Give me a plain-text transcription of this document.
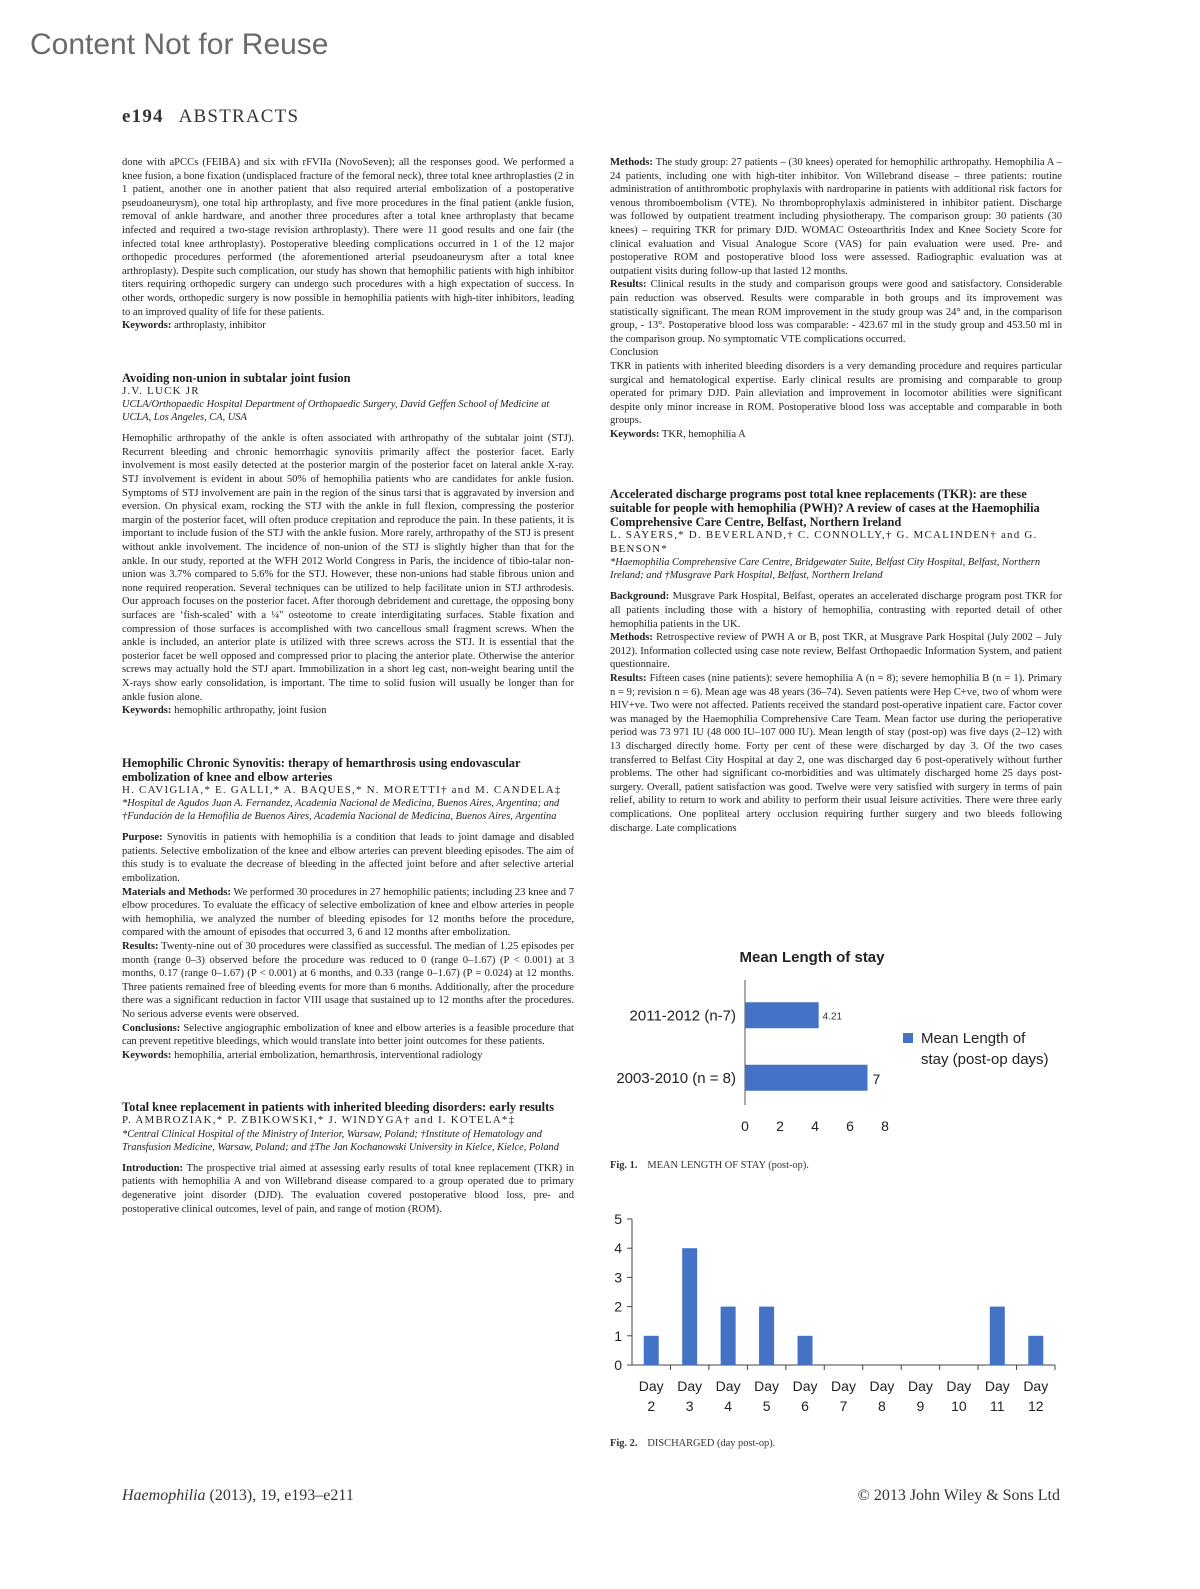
Content Not for Reuse
e194 ABSTRACTS

done with aPCCs (FEIBA) and six with rFVIIa (NovoSeven); all the responses good. We performed a knee fusion, a bone fixation (undisplaced fracture of the femoral neck), three total knee arthroplasties (2 in 1 patient, another one in another patient that also required arterial embolization of a postoperative pseudoaneurysm), one total hip arthroplasty, and five more procedures in the final patient (ankle fusion, removal of ankle hardware, and another three procedures after a total knee arthroplasty that became infected and required a two-stage revision arthroplasty). There were 11 good results and one fair (the infected total knee arthroplasty). Postoperative bleeding complications occurred in 1 of the 12 major orthopedic procedures performed (the aforementioned arterial pseudoaneurysm after a total knee arthroplasty). Despite such complication, our study has shown that hemophilic patients with high inhibitor titers requiring orthopedic surgery can undergo such procedures with a high expectation of success. In other words, orthopedic surgery is now possible in hemophilia patients with high-titer inhibitors, leading to an improved quality of life for these patients.

Keywords: arthroplasty, inhibitor

Avoiding non-union in subtalar joint fusion

J.V. LUCK JR

UCLA/Orthopaedic Hospital Department of Orthopaedic Surgery, David Geffen School of Medicine at UCLA, Los Angeles, CA, USA

Hemophilic arthropathy of the ankle is often associated with arthropathy of the subtalar joint (STJ). Recurrent bleeding and chronic hemorrhagic synovitis primarily affect the posterior facet. Early involvement is most easily detected at the posterior margin of the posterior facet on lateral ankle X-ray. STJ involvement is evident in about 50% of hemophilia patients who are candidates for ankle fusion. Symptoms of STJ involvement are pain in the region of the sinus tarsi that is aggravated by inversion and eversion. On physical exam, rocking the STJ with the ankle in full flexion, compressing the posterior margin of the posterior facet, will often produce crepitation and reproduce the pain. In these patients, it is important to include fusion of the STJ with the ankle fusion. More rarely, arthropathy of the STJ is present without ankle involvement. The incidence of non-union of the STJ is slightly higher than that for the ankle. In our study, reported at the WFH 2012 World Congress in Paris, the incidence of tibio-talar non-union was 3.7% compared to 5.6% for the STJ. However, these non-unions had stable fibrous union and none required reoperation. Several techniques can be utilized to help facilitate union in STJ arthrodesis. Our approach focuses on the posterior facet. After thorough debridement and curettage, the opposing bony surfaces are ‘fish-scaled’ with a ¼" osteotome to create interdigitating surfaces. Stable fixation and compression of those surfaces is accomplished with two cancellous small fragment screws. When the ankle is included, an anterior plate is utilized with three screws across the STJ. It is essential that the posterior facet be well opposed and compressed prior to placing the anterior plate. Otherwise the anterior screws may actually hold the STJ apart. Immobilization in a short leg cast, non-weight bearing until the X-rays show early consolidation, is important. The time to solid fusion will usually be longer than for ankle fusion alone.

Keywords: hemophilic arthropathy, joint fusion

Hemophilic Chronic Synovitis: therapy of hemarthrosis using endovascular embolization of knee and elbow arteries

H. CAVIGLIA,* E. GALLI,* A. BAQUES,* N. MORETTI† and M. CANDELA‡

*Hospital de Agudos Juan A. Fernandez, Academia Nacional de Medicina, Buenos Aires, Argentina; and †Fundación de la Hemofilia de Buenos Aires, Academia Nacional de Medicina, Buenos Aires, Argentina

Purpose: Synovitis in patients with hemophilia is a condition that leads to joint damage and disabled patients. Selective embolization of the knee and elbow arteries can prevent bleeding episodes. The aim of this study is to evaluate the decrease of bleeding in the affected joint before and after selective arterial embolization.

Materials and Methods: We performed 30 procedures in 27 hemophilic patients; including 23 knee and 7 elbow procedures. To evaluate the efficacy of selective embolization of knee and elbow arteries in people with hemophilia, we analyzed the number of bleeding episodes for 12 months before the procedure, compared with the amount of episodes that occurred 3, 6 and 12 months after embolization.

Results: Twenty-nine out of 30 procedures were classified as successful. The median of 1.25 episodes per month (range 0–3) observed before the procedure was reduced to 0 (range 0–1.67) (P < 0.001) at 3 months, 0.17 (range 0–1.67) (P < 0.001) at 6 months, and 0.33 (range 0–1.67) (P = 0.024) at 12 months. Three patients remained free of bleeding events for more than 6 months. Additionally, after the procedure there was a significant reduction in factor VIII usage that sustained up to 12 months after the procedures. No serious adverse events were observed.

Conclusions: Selective angiographic embolization of knee and elbow arteries is a feasible procedure that can prevent repetitive bleedings, which would translate into better joint outcomes for these patients.

Keywords: hemophilia, arterial embolization, hemarthrosis, interventional radiology

Total knee replacement in patients with inherited bleeding disorders: early results

P. AMBROZIAK,* P. ZBIKOWSKI,* J. WINDYGA† and I. KOTELA*‡

*Central Clinical Hospital of the Ministry of Interior, Warsaw, Poland; †Institute of Hematology and Transfusion Medicine, Warsaw, Poland; and ‡The Jan Kochanowski University in Kielce, Kielce, Poland

Introduction: The prospective trial aimed at assessing early results of total knee replacement (TKR) in patients with hemophilia A and von Willebrand disease compared to a group operated due to primary degenerative joint disorder (DJD). The evaluation covered postoperative blood loss, pre- and postoperative clinical outcomes, level of pain, and range of motion (ROM).

Methods: The study group: 27 patients – (30 knees) operated for hemophilic arthropathy. Hemophilia A – 24 patients, including one with high-titer inhibitor. Von Willebrand disease – three patients: routine administration of antithrombotic prophylaxis with nardroparine in patients with additional risk factors for venous thromboembolism (VTE). No thromboprophylaxis administered in inhibitor patient. Discharge was followed by outpatient treatment including physiotherapy. The comparison group: 30 patients (30 knees) – requiring TKR for primary DJD. WOMAC Osteoarthritis Index and Knee Society Score for clinical evaluation and Visual Analogue Score (VAS) for pain evaluation were used. Pre- and postoperative ROM and postoperative blood loss were assessed. Radiographic evaluation was at outpatient visits during follow-up that lasted 12 months.

Results: Clinical results in the study and comparison groups were good and satisfactory. Considerable pain reduction was observed. Results were comparable in both groups and its improvement was statistically significant. The mean ROM improvement in the study group was 24° and, in the comparison group, - 13°. Postoperative blood loss was comparable: - 423.67 ml in the study group and 453.50 ml in the comparison group. No symptomatic VTE complications occurred.

Conclusion

TKR in patients with inherited bleeding disorders is a very demanding procedure and requires particular surgical and hematological expertise. Early clinical results are promising and comparable to group operated for primary DJD. Pain alleviation and improvement in locomotor abilities were significant despite only minor increase in ROM. Postoperative blood loss was acceptable and comparable in both groups.

Keywords: TKR, hemophilia A

Accelerated discharge programs post total knee replacements (TKR): are these suitable for people with hemophilia (PWH)? A review of cases at the Haemophilia Comprehensive Care Centre, Belfast, Northern Ireland

L. SAYERS,* D. BEVERLAND,† C. CONNOLLY,† G. MCALINDEN† and G. BENSON*

*Haemophilia Comprehensive Care Centre, Bridgewater Suite, Belfast City Hospital, Belfast, Northern Ireland; and †Musgrave Park Hospital, Belfast, Northern Ireland

Background: Musgrave Park Hospital, Belfast, operates an accelerated discharge program post TKR for all patients including those with a history of hemophilia, contrasting with reported detail of other hemophilia patients in the UK.

Methods: Retrospective review of PWH A or B, post TKR, at Musgrave Park Hospital (July 2002 – July 2012). Information collected using case note review, Belfast Orthopaedic Information System, and patient questionnaire.

Results: Fifteen cases (nine patients): severe hemophilia A (n = 8); severe hemophilia B (n = 1). Primary n = 9; revision n = 6). Mean age was 48 years (36–74). Seven patients were Hep C+ve, two of whom were HIV+ve. Two were not affected. Patients received the standard post-operative inpatient care. Factor cover was managed by the Haemophilia Comprehensive Care Team. Mean factor use during the perioperative period was 73 971 IU (48 000 IU–107 000 IU). Mean length of stay (post-op) was five days (2–12) with 13 discharged directly home. Forty per cent of these were discharged by day 3. Of the two cases transferred to Belfast City Hospital at day 2, one was discharged day 6 post-operatively without further problems. The other had significant co-morbidities and was ultimately discharged home 25 days post-surgery. Overall, patient satisfaction was good. Twelve were very satisfied with surgery in terms of pain relief, ability to return to work and ability to perform their usual leisure activities. There were three early complications. One popliteal artery occlusion requiring further surgery and two bleeds following discharge. Late complications

Mean Length of stay
2011-2012 (n-7)	4.21
2003-2010 (n = 8)	7
0 2 4 6 8
Mean Length of
stay (post-op days)
Fig. 1. MEAN LENGTH OF STAY (post-op).
0
1
2
3
4
5
Day
2
Day
3
Day
4
Day
5
Day
6
Day
7
Day
8
Day
9
Day
10
Day
11
Day
12
Fig. 2. DISCHARGED (day post-op).
Haemophilia (2013), 19, e193–e211	© 2013 John Wiley & Sons Ltd
